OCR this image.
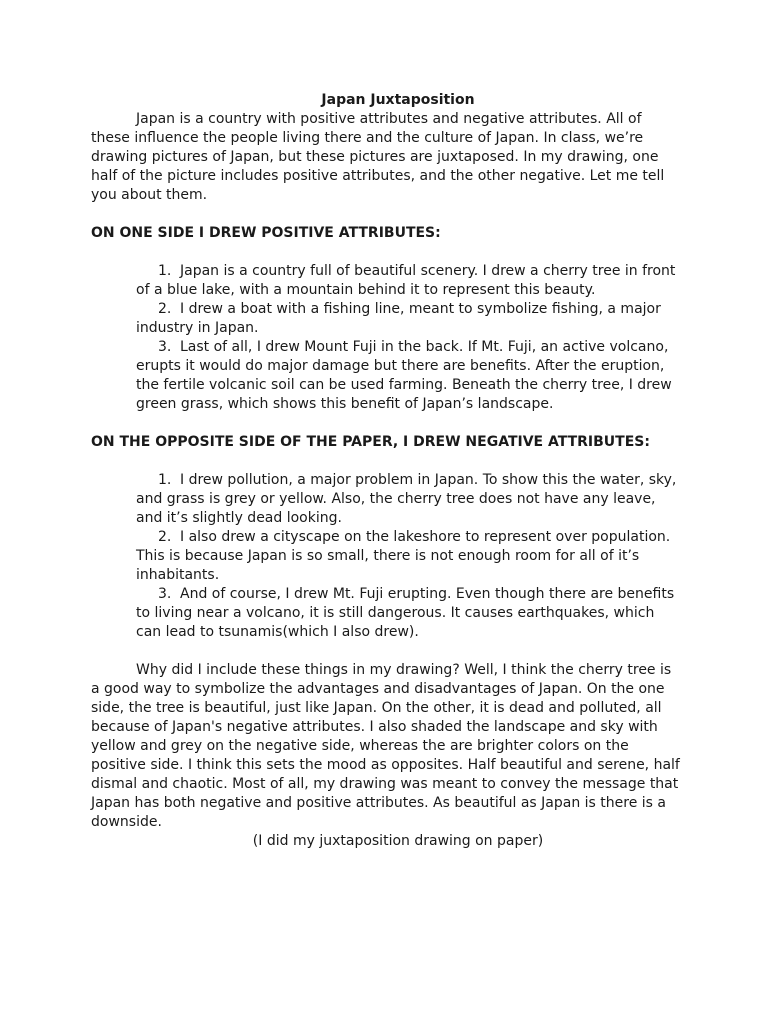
Japan Juxtaposition

Japan is a country with positive attributes and negative attributes. All of these influence the people living there and the culture of Japan. In class, we’re drawing pictures of Japan, but these pictures are juxtaposed. In my drawing, one half of the picture includes positive attributes, and the other negative. Let me tell you about them.

ON ONE SIDE I DREW POSITIVE ATTRIBUTES:

1. Japan is a country full of beautiful scenery. I drew a cherry tree in front of a blue lake, with a mountain behind it to represent this beauty.
2. I drew a boat with a fishing line, meant to symbolize fishing, a major industry in Japan.
3. Last of all, I drew Mount Fuji in the back. If Mt. Fuji, an active volcano, erupts it would do major damage but there are benefits. After the eruption, the fertile volcanic soil can be used farming. Beneath the cherry tree, I drew green grass, which shows this benefit of Japan’s landscape.

ON THE OPPOSITE SIDE OF THE PAPER, I DREW NEGATIVE ATTRIBUTES:

1. I drew pollution, a major problem in Japan. To show this the water, sky, and grass is grey or yellow. Also, the cherry tree does not have any leave, and it’s slightly dead looking.
2. I also drew a cityscape on the lakeshore to represent over population. This is because Japan is so small, there is not enough room for all of it’s inhabitants.
3. And of course, I drew Mt. Fuji erupting. Even though there are benefits to living near a volcano, it is still dangerous. It causes earthquakes, which can lead to tsunamis(which I also drew).

Why did I include these things in my drawing? Well, I think the cherry tree is a good way to symbolize the advantages and disadvantages of Japan. On the one side, the tree is beautiful, just like Japan. On the other, it is dead and polluted, all because of Japan's negative attributes. I also shaded the landscape and sky with yellow and grey on the negative side, whereas the are brighter colors on the positive side. I think this sets the mood as opposites. Half beautiful and serene, half dismal and chaotic. Most of all, my drawing was meant to convey the message that Japan has both negative and positive attributes. As beautiful as Japan is there is a downside.

(I did my juxtaposition drawing on paper)
